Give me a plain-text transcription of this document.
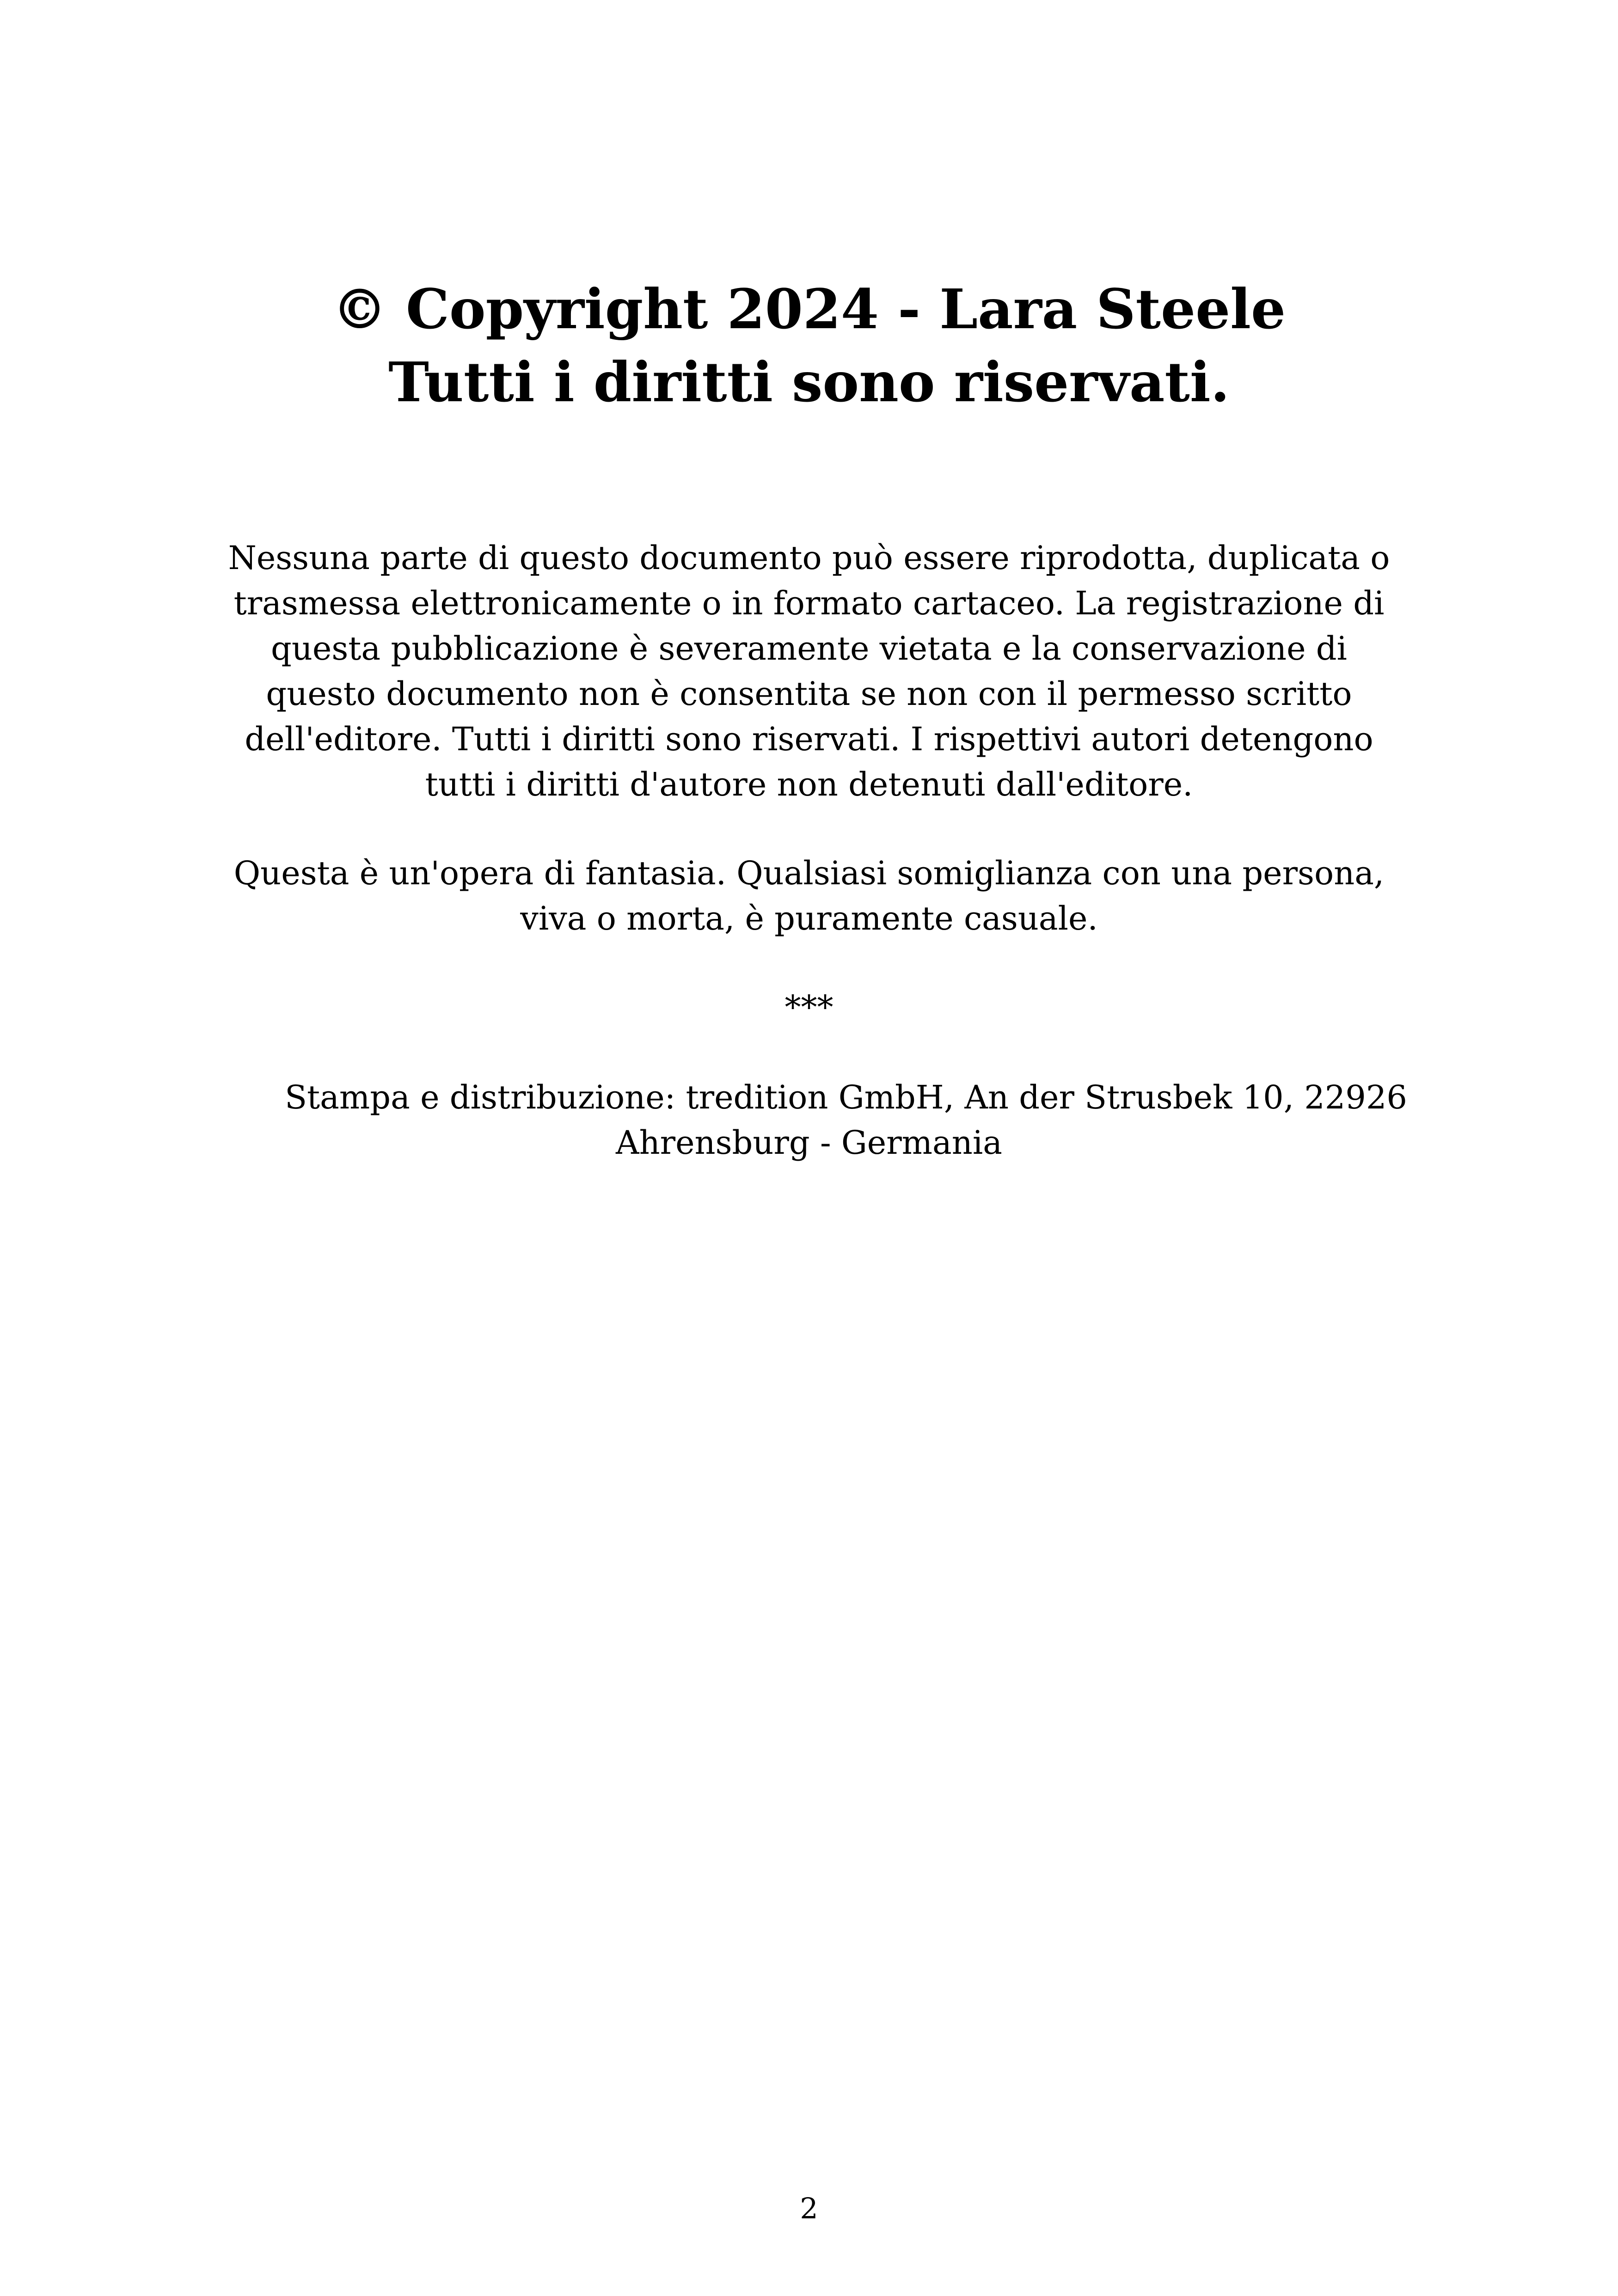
© Copyright 2024 - Lara Steele
Tutti i diritti sono riservati.
Nessuna parte di questo documento può essere riprodotta, duplicata o
trasmessa elettronicamente o in formato cartaceo. La registrazione di
questa pubblicazione è severamente vietata e la conservazione di
questo documento non è consentita se non con il permesso scritto
dell'editore. Tutti i diritti sono riservati. I rispettivi autori detengono
tutti i diritti d'autore non detenuti dall'editore.
Questa è un'opera di fantasia. Qualsiasi somiglianza con una persona,
viva o morta, è puramente casuale.
***
Stampa e distribuzione: tredition GmbH, An der Strusbek 10, 22926
Ahrensburg - Germania
2
